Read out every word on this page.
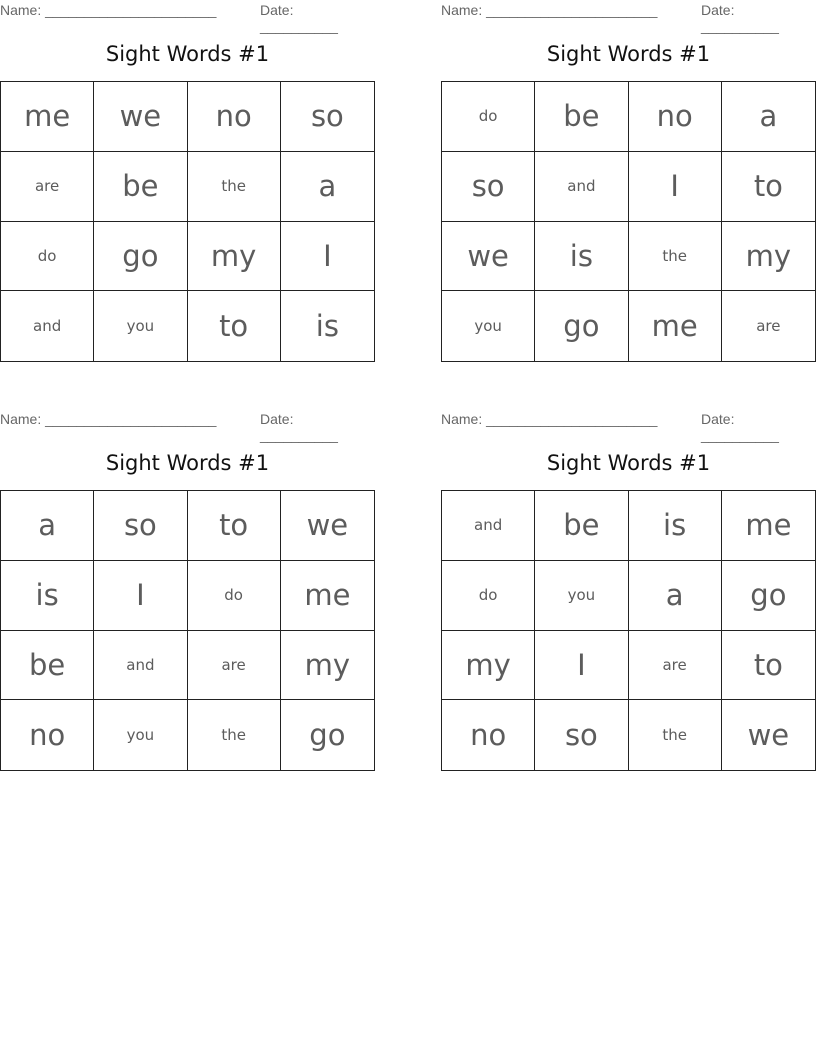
Name: ______________________	Date: __________
Sight Words #1
me	we	no	so
are	be	the	a
do	go	my	I
and	you	to	is
Name: ______________________	Date: __________
Sight Words #1
do	be	no	a
so	and	I	to
we	is	the	my
you	go	me	are
Name: ______________________	Date: __________
Sight Words #1
a	so	to	we
is	I	do	me
be	and	are	my
no	you	the	go
Name: ______________________	Date: __________
Sight Words #1
and	be	is	me
do	you	a	go
my	I	are	to
no	so	the	we
